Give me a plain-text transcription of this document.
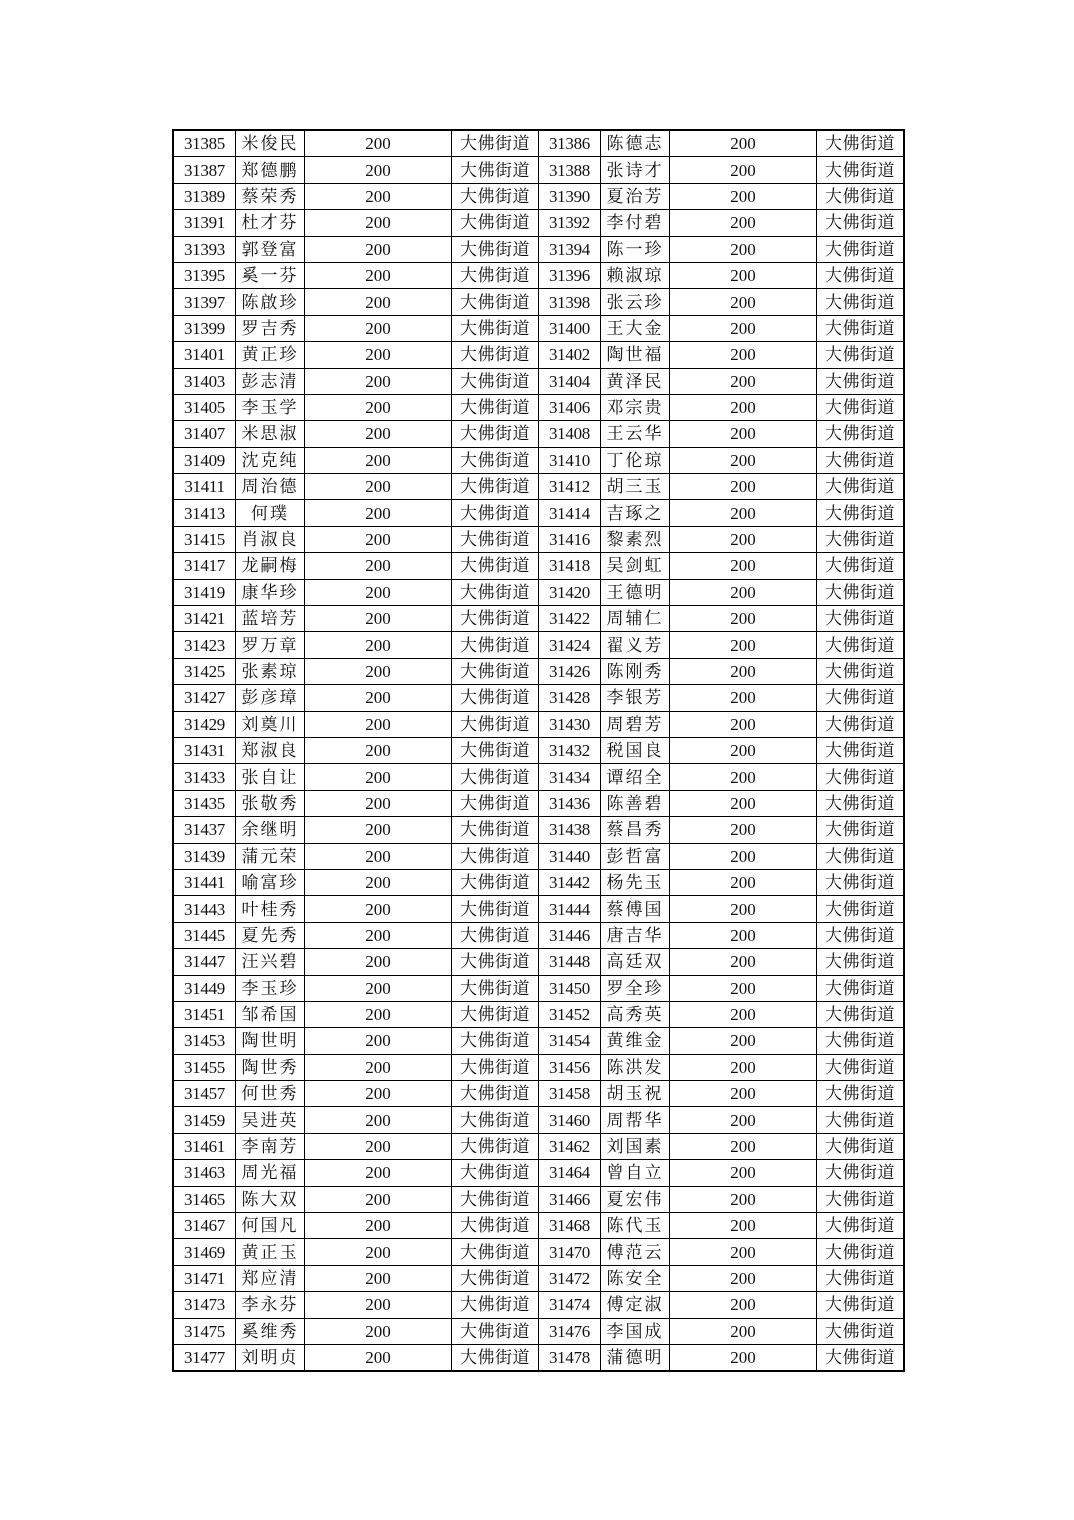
31385	米俊民	200	大佛街道	31386	陈德志	200	大佛街道
31387	郑德鹏	200	大佛街道	31388	张诗才	200	大佛街道
31389	蔡荣秀	200	大佛街道	31390	夏治芳	200	大佛街道
31391	杜才芬	200	大佛街道	31392	李付碧	200	大佛街道
31393	郭登富	200	大佛街道	31394	陈一珍	200	大佛街道
31395	奚一芬	200	大佛街道	31396	赖淑琼	200	大佛街道
31397	陈啟珍	200	大佛街道	31398	张云珍	200	大佛街道
31399	罗吉秀	200	大佛街道	31400	王大金	200	大佛街道
31401	黄正珍	200	大佛街道	31402	陶世福	200	大佛街道
31403	彭志清	200	大佛街道	31404	黄泽民	200	大佛街道
31405	李玉学	200	大佛街道	31406	邓宗贵	200	大佛街道
31407	米思淑	200	大佛街道	31408	王云华	200	大佛街道
31409	沈克纯	200	大佛街道	31410	丁伦琼	200	大佛街道
31411	周治德	200	大佛街道	31412	胡三玉	200	大佛街道
31413	何璞	200	大佛街道	31414	吉琢之	200	大佛街道
31415	肖淑良	200	大佛街道	31416	黎素烈	200	大佛街道
31417	龙嗣梅	200	大佛街道	31418	吴剑虹	200	大佛街道
31419	康华珍	200	大佛街道	31420	王德明	200	大佛街道
31421	蓝培芳	200	大佛街道	31422	周辅仁	200	大佛街道
31423	罗万章	200	大佛街道	31424	翟义芳	200	大佛街道
31425	张素琼	200	大佛街道	31426	陈刚秀	200	大佛街道
31427	彭彦璋	200	大佛街道	31428	李银芳	200	大佛街道
31429	刘奠川	200	大佛街道	31430	周碧芳	200	大佛街道
31431	郑淑良	200	大佛街道	31432	税国良	200	大佛街道
31433	张自让	200	大佛街道	31434	谭绍全	200	大佛街道
31435	张敬秀	200	大佛街道	31436	陈善碧	200	大佛街道
31437	余继明	200	大佛街道	31438	蔡昌秀	200	大佛街道
31439	蒲元荣	200	大佛街道	31440	彭哲富	200	大佛街道
31441	喻富珍	200	大佛街道	31442	杨先玉	200	大佛街道
31443	叶桂秀	200	大佛街道	31444	蔡傅国	200	大佛街道
31445	夏先秀	200	大佛街道	31446	唐吉华	200	大佛街道
31447	汪兴碧	200	大佛街道	31448	高廷双	200	大佛街道
31449	李玉珍	200	大佛街道	31450	罗全珍	200	大佛街道
31451	邹希国	200	大佛街道	31452	高秀英	200	大佛街道
31453	陶世明	200	大佛街道	31454	黄维金	200	大佛街道
31455	陶世秀	200	大佛街道	31456	陈洪发	200	大佛街道
31457	何世秀	200	大佛街道	31458	胡玉祝	200	大佛街道
31459	吴进英	200	大佛街道	31460	周帮华	200	大佛街道
31461	李南芳	200	大佛街道	31462	刘国素	200	大佛街道
31463	周光福	200	大佛街道	31464	曾自立	200	大佛街道
31465	陈大双	200	大佛街道	31466	夏宏伟	200	大佛街道
31467	何国凡	200	大佛街道	31468	陈代玉	200	大佛街道
31469	黄正玉	200	大佛街道	31470	傅范云	200	大佛街道
31471	郑应清	200	大佛街道	31472	陈安全	200	大佛街道
31473	李永芬	200	大佛街道	31474	傅定淑	200	大佛街道
31475	奚维秀	200	大佛街道	31476	李国成	200	大佛街道
31477	刘明贞	200	大佛街道	31478	蒲德明	200	大佛街道
